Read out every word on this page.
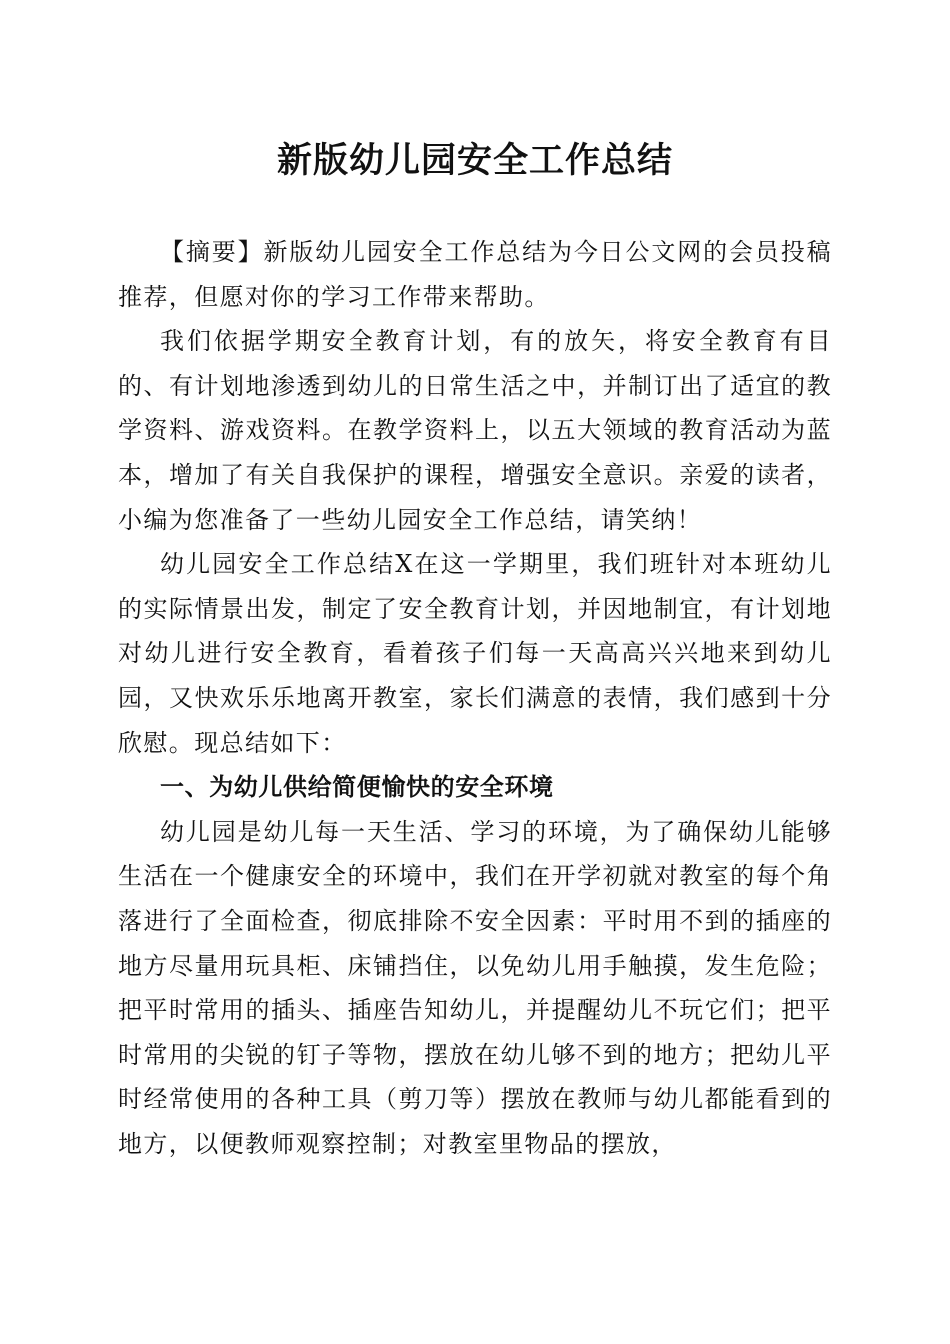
新版幼儿园安全工作总结

【摘要】新版幼儿园安全工作总结为今日公文网的会员投稿推荐，但愿对你的学习工作带来帮助。

我们依据学期安全教育计划，有的放矢，将安全教育有目的、有计划地渗透到幼儿的日常生活之中，并制订出了适宜的教学资料、游戏资料。在教学资料上，以五大领域的教育活动为蓝本，增加了有关自我保护的课程，增强安全意识。亲爱的读者，小编为您准备了一些幼儿园安全工作总结，请笑纳！

幼儿园安全工作总结X在这一学期里，我们班针对本班幼儿的实际情景出发，制定了安全教育计划，并因地制宜，有计划地对幼儿进行安全教育，看着孩子们每一天高高兴兴地来到幼儿园，又快欢乐乐地离开教室，家长们满意的表情，我们感到十分欣慰。现总结如下：

一、为幼儿供给简便愉快的安全环境

幼儿园是幼儿每一天生活、学习的环境，为了确保幼儿能够生活在一个健康安全的环境中，我们在开学初就对教室的每个角落进行了全面检查，彻底排除不安全因素：平时用不到的插座的地方尽量用玩具柜、床铺挡住，以免幼儿用手触摸，发生危险；把平时常用的插头、插座告知幼儿，并提醒幼儿不玩它们；把平时常用的尖锐的钉子等物，摆放在幼儿够不到的地方；把幼儿平时经常使用的各种工具（剪刀等）摆放在教师与幼儿都能看到的地方，以便教师观察控制；对教室里物品的摆放，
